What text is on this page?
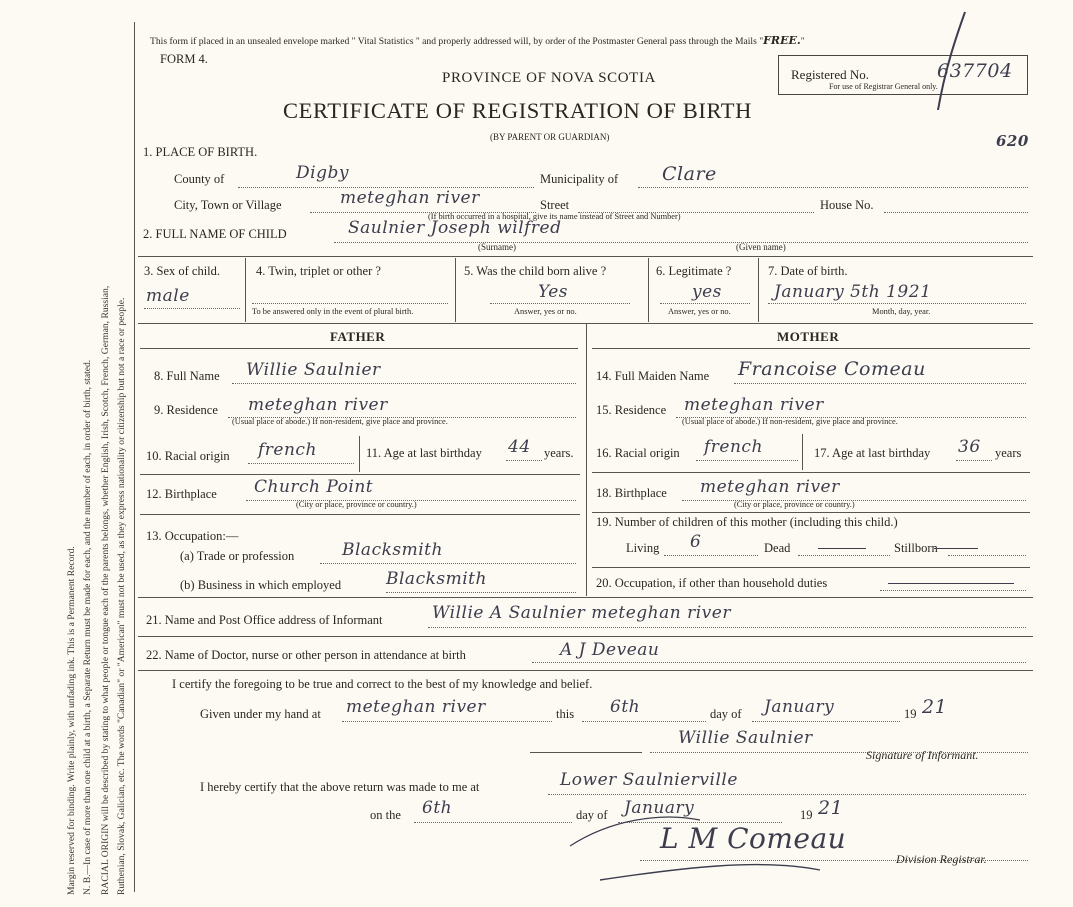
Margin reserved for binding. Write plainly, with unfading ink. This is a Permanent Record. N. B.—In case of more than one child at a birth, a Separate Return must be made for each, and the number of each, in order of birth, stated. RACIAL ORIGIN will be described by stating to what people or tongue each of the parents belongs, whether English, Irish, Scotch, French, German, Russian, Ruthenian, Slovak, Galician, etc. The words "Canadian" or "American" must not be used, as they express nationality or citizenship but not a race or people.
This form if placed in an unsealed envelope marked " Vital Statistics " and properly addressed will, by order of the Postmaster General pass through the Mails "FREE."
FORM 4.
Registered No.	637704
For use of Registrar General only.
620
PROVINCE OF NOVA SCOTIA
CERTIFICATE OF REGISTRATION OF BIRTH
(BY PARENT OR GUARDIAN)
1. PLACE OF BIRTH.
County of	Digby	Municipality of Clare
City, Town or Village	meteghan river	Street
(If birth occurred in a hospital, give its name instead of Street and Number)
House No.
2. FULL NAME OF CHILD	Saulnier Joseph wilfred
(Surname)	(Given name)
3. Sex of child.
male
4. Twin, triplet or other ?
To be answered only in the event of plural birth.
5. Was the child born alive ?
Yes
Answer, yes or no.
6. Legitimate ?
yes
Answer, yes or no.
7. Date of birth.
January 5th 1921
Month, day, year.
FATHER	MOTHER
8. Full Name Willie Saulnier
9. Residence meteghan river
(Usual place of abode.) If non-resident, give place and province.
10. Racial origin french	11. Age at last birthday 44 years.
12. Birthplace Church Point
(City or place, province or country.)
13. Occupation:—
(a) Trade or profession	Blacksmith
(b) Business in which employed	Blacksmith
14. Full Maiden Name Francoise Comeau
15. Residence meteghan river
(Usual place of abode.) If non-resident, give place and province.
16. Racial origin french	17. Age at last birthday 36 years
18. Birthplace meteghan river
(City or place, province or country.)
19. Number of children of this mother (including this child.)
Living 6	Dead	Stillborn
20. Occupation, if other than household duties
21. Name and Post Office address of Informant	Willie A Saulnier meteghan river
22. Name of Doctor, nurse or other person in attendance at birth	A J Deveau
I certify the foregoing to be true and correct to the best of my knowledge and belief.
Given under my hand at meteghan river	this 6th	day of January	19 21
Willie Saulnier
Signature of Informant.
I hereby certify that the above return was made to me at	Lower Saulnierville
on the 6th	day of January	19 21
L M Comeau
Division Registrar.
